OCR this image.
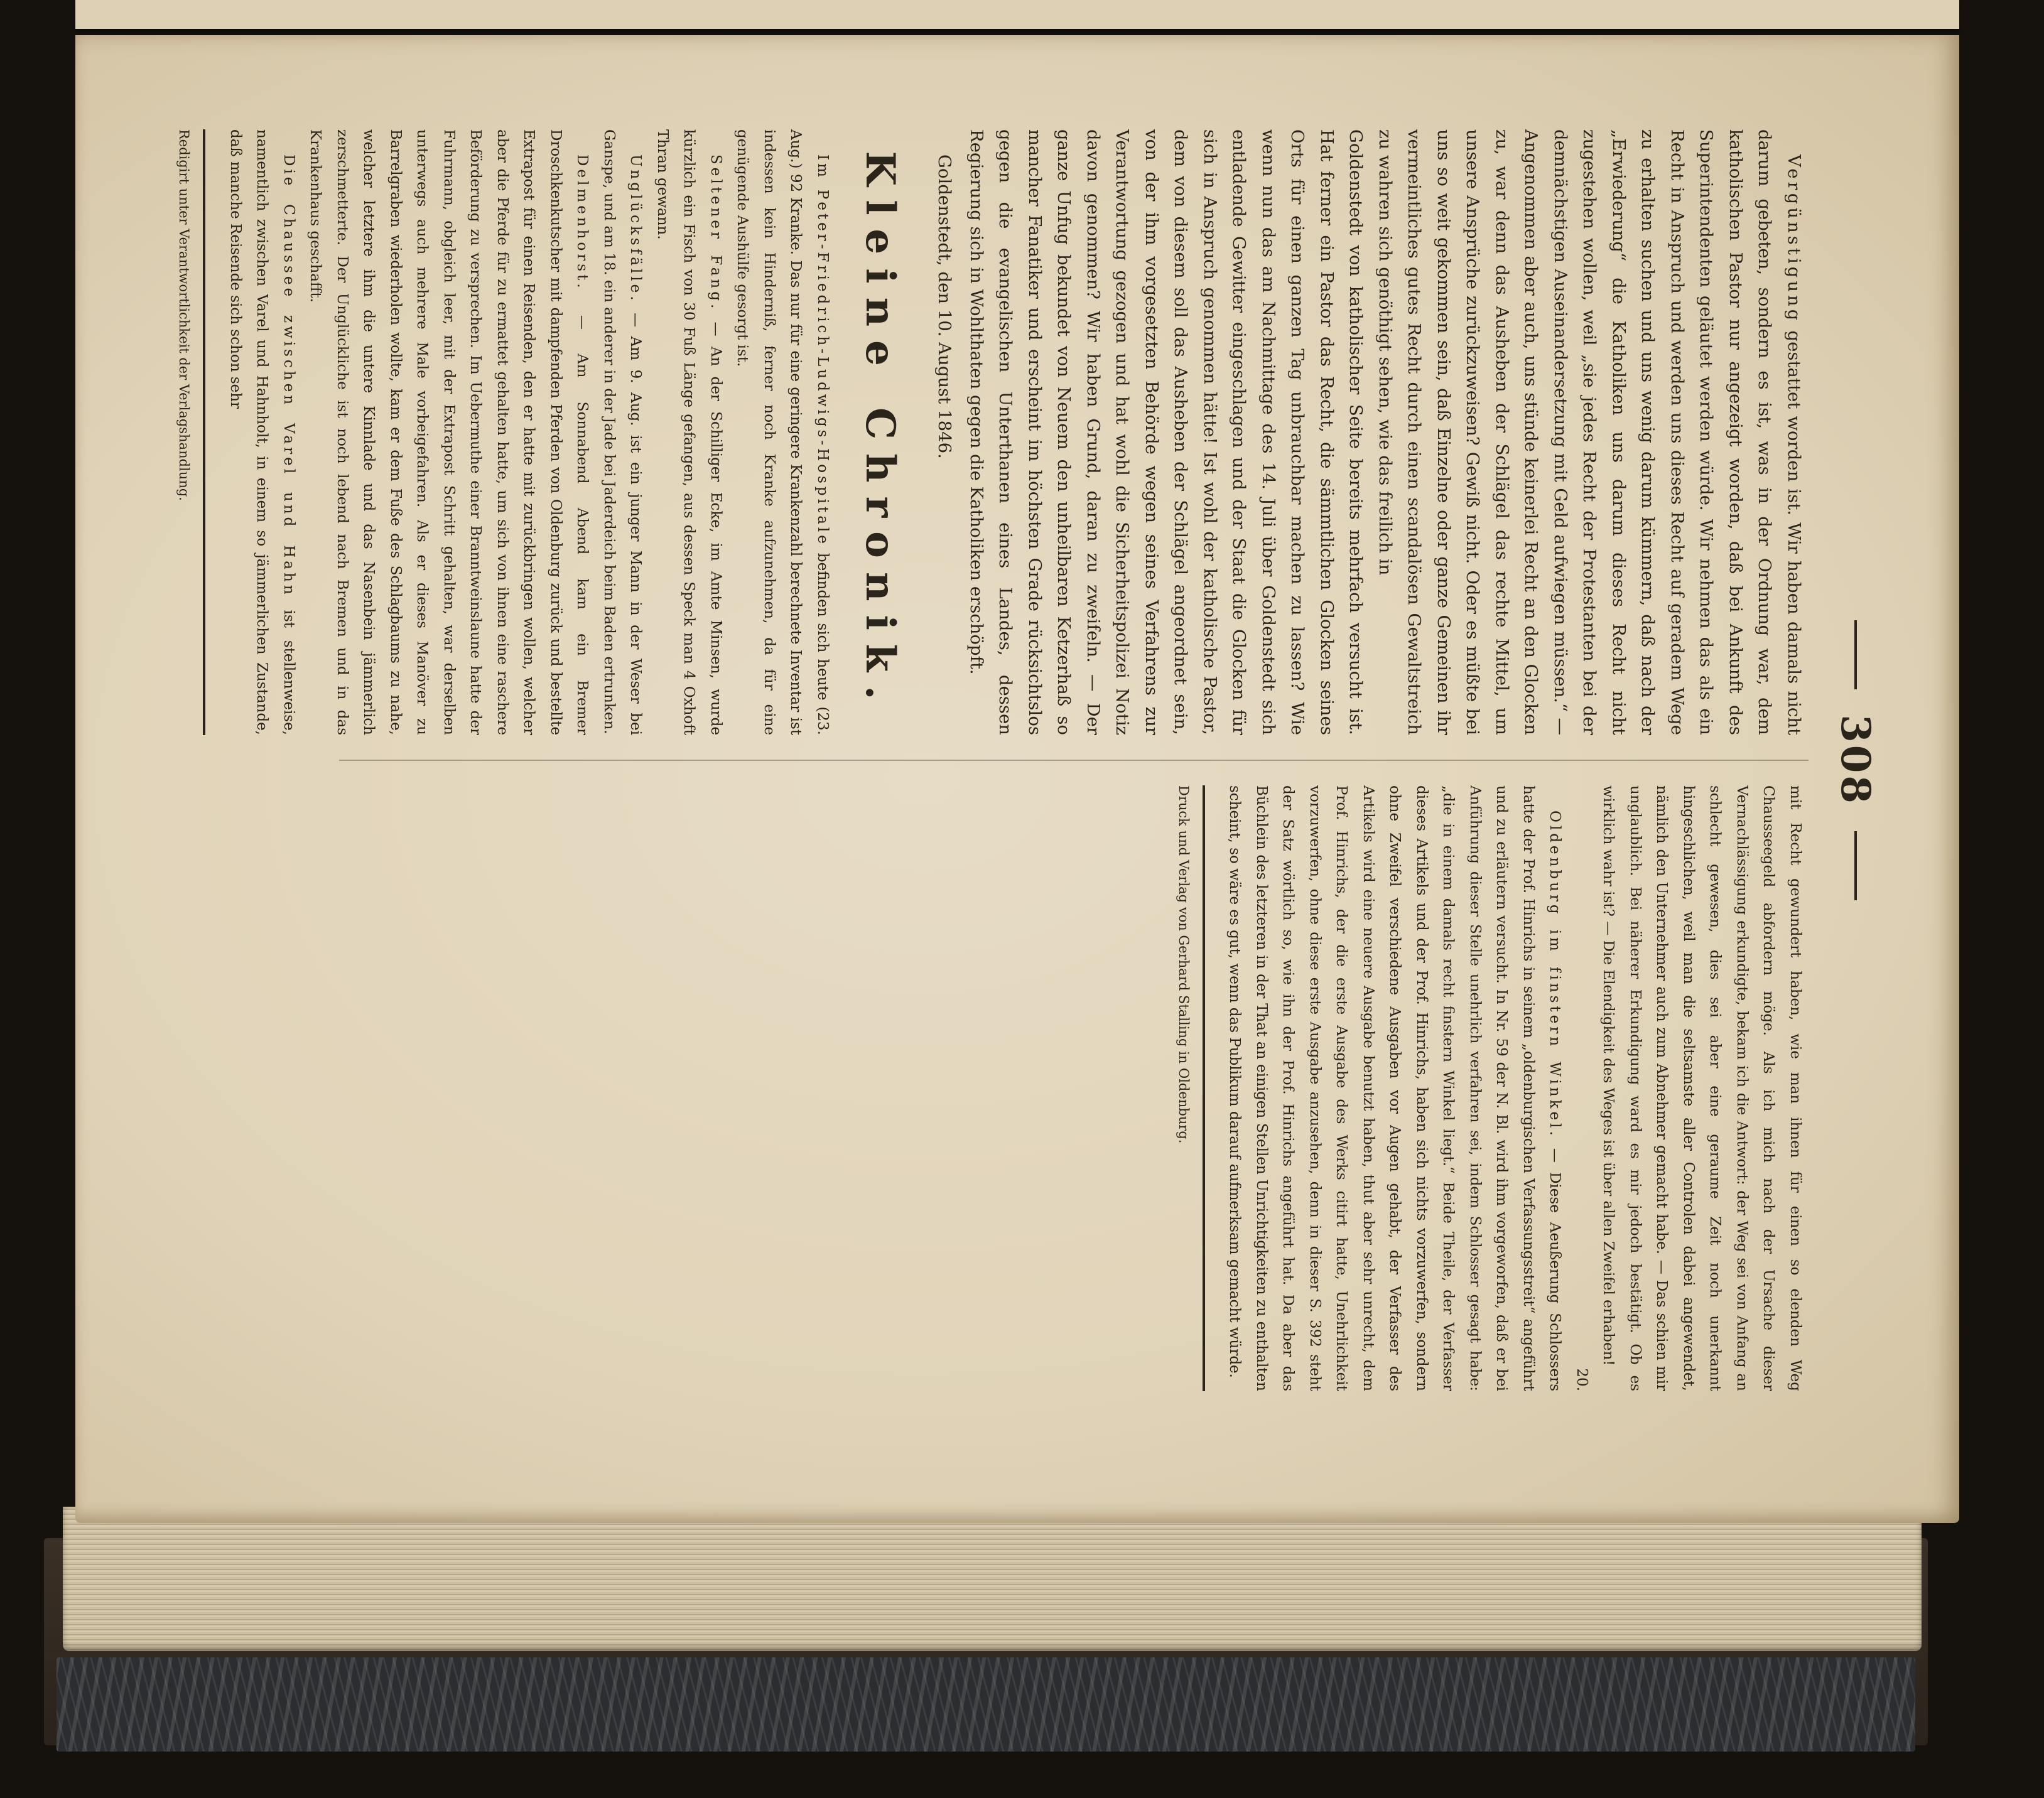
308

Vergünstigung gestattet worden ist. Wir haben damals nicht darum gebeten, sondern es ist, was in der Ordnung war, dem katholischen Pastor nur angezeigt worden, daß bei Ankunft des Superintendenten geläutet werden würde. Wir nehmen das als ein Recht in Anspruch und werden uns dieses Recht auf geradem Wege zu erhalten suchen und uns wenig darum kümmern, daß nach der „Erwiederung“ die Katholiken uns darum dieses Recht nicht zugestehen wollen, weil „sie jedes Recht der Protestanten bei der demnächstigen Auseinandersetzung mit Geld aufwiegen müssen.“ — Angenommen aber auch, uns stünde keinerlei Recht an den Glocken zu, war denn das Ausheben der Schlägel das rechte Mittel, um unsere Ansprüche zurückzuweisen? Gewiß nicht. Oder es müßte bei uns so weit gekommen sein, daß Einzelne oder ganze Gemeinen ihr vermeintliches gutes Recht durch einen scandalösen Gewaltstreich zu wahren sich genöthigt sehen, wie das freilich in

Goldenstedt von katholischer Seite bereits mehrfach versucht ist. Hat ferner ein Pastor das Recht, die sämmtlichen Glocken seines Orts für einen ganzen Tag unbrauchbar machen zu lassen? Wie wenn nun das am Nachmittage des 14. Juli über Goldenstedt sich entladende Gewitter eingeschlagen und der Staat die Glocken für sich in Anspruch genommen hätte! Ist wohl der katholische Pastor, dem von diesem soll das Ausheben der Schlägel angeordnet sein, von der ihm vorgesetzten Behörde wegen seines Verfahrens zur Verantwortung gezogen und hat wohl die Sicherheitspolizei Notiz davon genommen? Wir haben Grund, daran zu zweifeln. — Der ganze Unfug bekundet von Neuem den unheilbaren Ketzerhaß so mancher Fanatiker und erscheint im höchsten Grade rücksichtslos gegen die evangelischen Unterthanen eines Landes, dessen Regierung sich in Wohlthaten gegen die Katholiken erschöpft.

Goldenstedt, den 10. August 1846.

Kleine Chronik.

Im Peter-Friedrich-Ludwigs-Hospitale befinden sich heute (23. Aug.) 92 Kranke. Das nur für eine geringere Krankenzahl berechnete Inventar ist indessen kein Hinderniß, ferner noch Kranke aufzunehmen, da für eine genügende Aushülfe gesorgt ist.

Seltener Fang. — An der Schilliger Ecke, im Amte Minsen, wurde kürzlich ein Fisch von 30 Fuß Länge gefangen, aus dessen Speck man 4 Oxhoft Thran gewann.

Unglücksfälle. — Am 9. Aug. ist ein junger Mann in der Weser bei Ganspe, und am 18. ein anderer in der Jade bei Jaderdeich beim Baden ertrunken.

Delmenhorst. — Am Sonnabend Abend kam ein Bremer Droschkenkutscher mit dampfenden Pferden von Oldenburg zurück und bestellte Extrapost für einen Reisenden, den er hatte mit zurückbringen wollen, welcher aber die Pferde für zu ermattet gehalten hatte, um sich von ihnen eine raschere Beförderung zu versprechen. Im Uebermuthe einer Branntweinslaune hatte der Fuhrmann, obgleich leer, mit der Extrapost Schritt gehalten, war derselben unterwegs auch mehrere Male vorbeigefahren. Als er dieses Manöver zu Barrelgraben wiederholen wollte, kam er dem Fuße des Schlagbaums zu nahe, welcher letztere ihm die untere Kinnlade und das Nasenbein jämmerlich zerschmetterte. Der Unglückliche ist noch lebend nach Bremen und in das Krankenhaus geschafft.

Die Chaussee zwischen Varel und Hahn ist stellenweise, namentlich zwischen Varel und Hahnholt, in einem so jämmerlichen Zustande, daß manche Reisende sich schon sehr

Redigirt unter Verantwortlichkeit der Verlagshandlung.

mit Recht gewundert haben, wie man ihnen für einen so elenden Weg Chausseegeld abfordern möge. Als ich mich nach der Ursache dieser Vernachlässigung erkundigte, bekam ich die Antwort: der Weg sei von Anfang an schlecht gewesen, dies sei aber eine geraume Zeit noch unerkannt hingeschlichen, weil man die seltsamste aller Controlen dabei angewendet, nämlich den Unternehmer auch zum Abnehmer gemacht habe. — Das schien mir unglaublich. Bei näherer Erkundigung ward es mir jedoch bestätigt. Ob es wirklich wahr ist? — Die Elendigkeit des Weges ist über allen Zweifel erhaben!

20.

Oldenburg im finstern Winkel. — Diese Aeußerung Schlossers hatte der Prof. Hinrichs in seinem „oldenburgischen Verfassungsstreit“ angeführt und zu erläutern versucht. In Nr. 59 der N. Bl. wird ihm vorgeworfen, daß er bei Anführung dieser Stelle unehrlich verfahren sei, indem Schlosser gesagt habe: „die in einem damals recht finstern Winkel liegt.“ Beide Theile, der Verfasser dieses Artikels und der Prof. Hinrichs, haben sich nichts vorzuwerfen, sondern ohne Zweifel verschiedene Ausgaben vor Augen gehabt, der Verfasser des Artikels wird eine neuere Ausgabe benutzt haben, thut aber sehr unrecht, dem Prof. Hinrichs, der die erste Ausgabe des Werks citirt hatte, Unehrlichkeit vorzuwerfen, ohne diese erste Ausgabe anzusehen, denn in dieser S. 392 steht der Satz wörtlich so, wie ihn der Prof. Hinrichs angeführt hat. Da aber das Büchlein des letzteren in der That an einigen Stellen Unrichtigkeiten zu enthalten scheint, so wäre es gut, wenn das Publikum darauf aufmerksam gemacht würde.

Druck und Verlag von Gerhard Stalling in Oldenburg.
